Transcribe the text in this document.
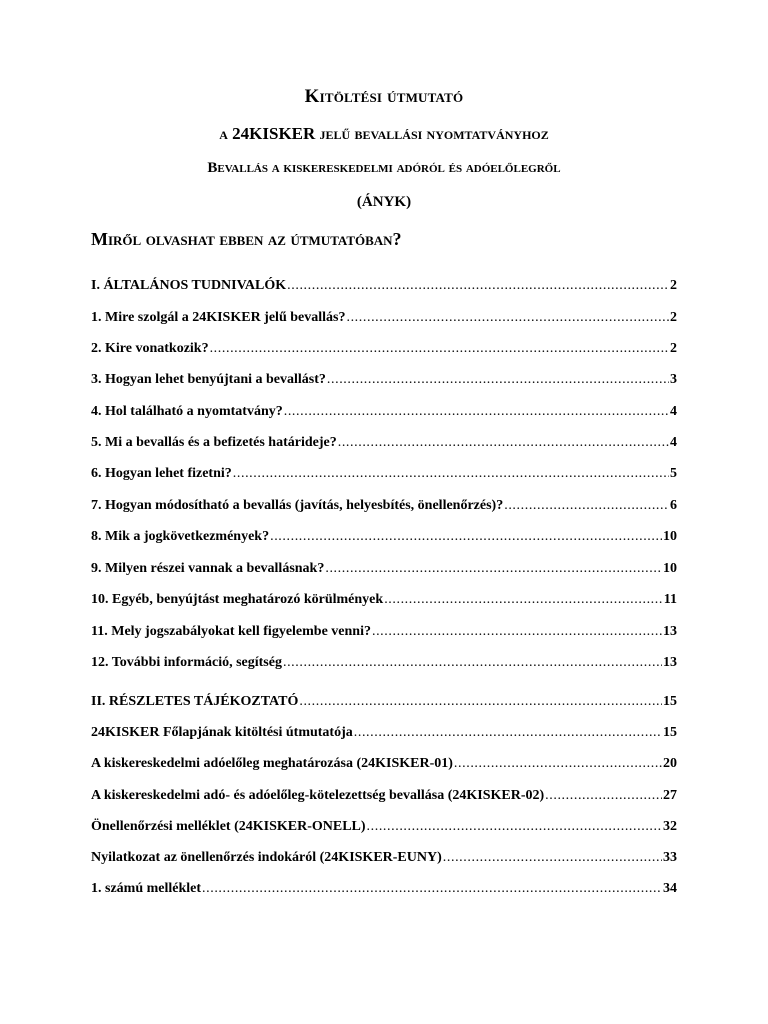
Kitöltési útmutató
a 24KISKER jelű bevallási nyomtatványhoz
Bevallás a kiskereskedelmi adóról és adóelőlegről
(ÁNYK)
Miről olvashat ebben az útmutatóban?
I. ÁLTALÁNOS TUDNIVALÓK .....	2
1. Mire szolgál a 24KISKER jelű bevallás? .....	2
2. Kire vonatkozik? .....	2
3. Hogyan lehet benyújtani a bevallást? .....	3
4. Hol található a nyomtatvány? .....	4
5. Mi a bevallás és a befizetés határideje? .....	4
6. Hogyan lehet fizetni? .....	5
7. Hogyan módosítható a bevallás (javítás, helyesbítés, önellenőrzés)? .....	6
8. Mik a jogkövetkezmények? .....	10
9. Milyen részei vannak a bevallásnak? .....	10
10. Egyéb, benyújtást meghatározó körülmények .....	11
11. Mely jogszabályokat kell figyelembe venni? .....	13
12. További információ, segítség .....	13
II. RÉSZLETES TÁJÉKOZTATÓ .....	15
24KISKER Főlapjának kitöltési útmutatója .....	15
A kiskereskedelmi adóelőleg meghatározása (24KISKER-01) .....	20
A kiskereskedelmi adó- és adóelőleg-kötelezettség bevallása (24KISKER-02) .....	27
Önellenőrzési melléklet (24KISKER-ONELL) .....	32
Nyilatkozat az önellenőrzés indokáról (24KISKER-EUNY) .....	33
1. számú melléklet .....	34
